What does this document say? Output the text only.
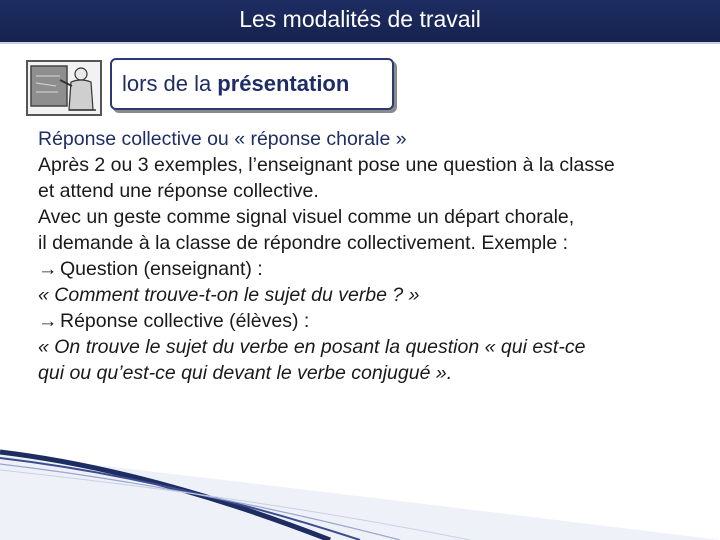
Les modalités de travail
lors de la présentation
Réponse collective ou « réponse chorale »
Après 2 ou 3 exemples, l’enseignant pose une question à la classe
et attend une réponse collective.
Avec un geste comme signal visuel comme un départ chorale,
il demande à la classe de répondre collectivement. Exemple :
→ Question (enseignant) :
« Comment trouve-t-on le sujet du verbe ? »
→ Réponse collective (élèves) :
« On trouve le sujet du verbe en posant la question « qui est-ce
qui ou qu’est-ce qui devant le verbe conjugué ».
